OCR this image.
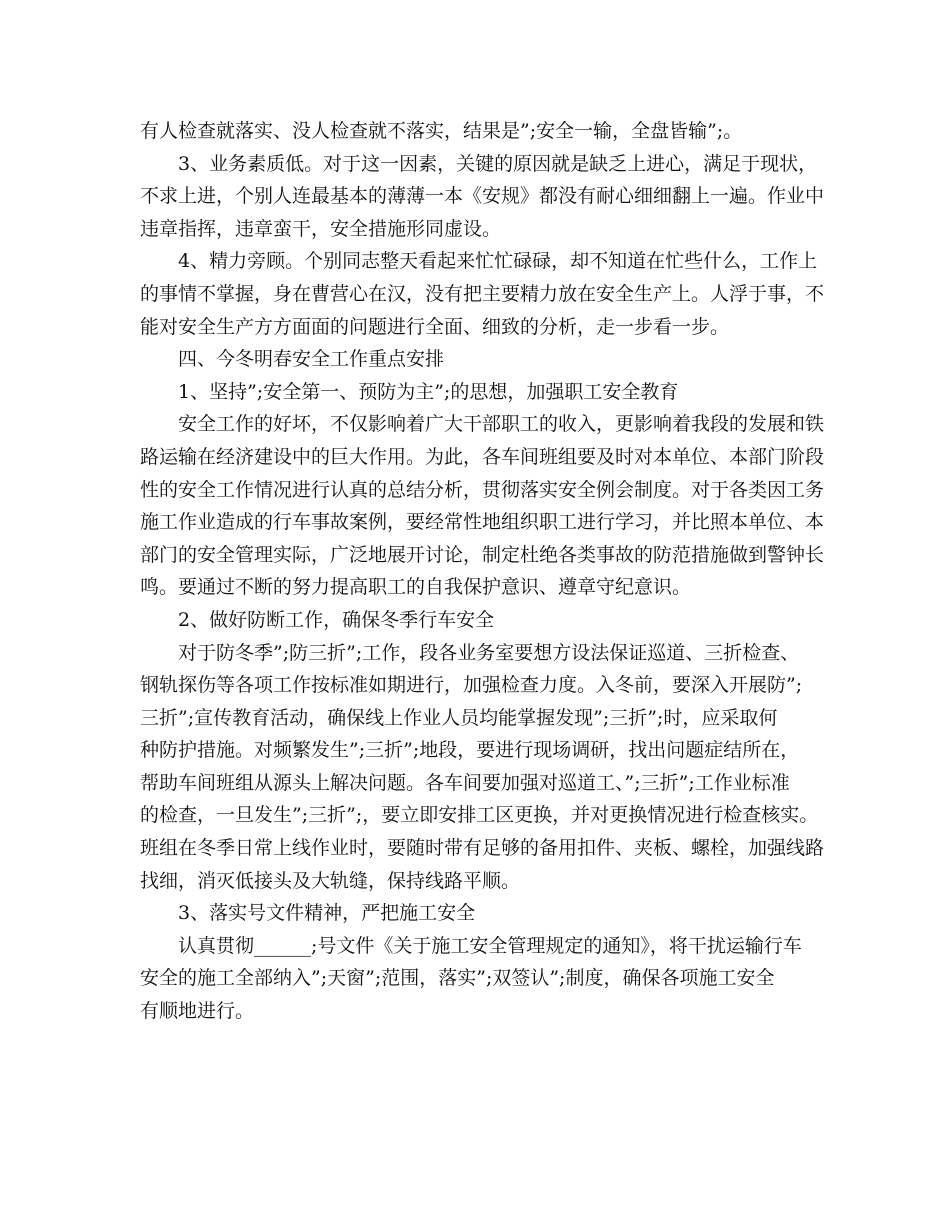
有人检查就落实、没人检查就不落实，结果是”;安全一输，全盘皆输”;。
3、业务素质低。对于这一因素，关键的原因就是缺乏上进心，满足于现状，
不求上进，个别人连最基本的薄薄一本《安规》都没有耐心细细翻上一遍。作业中
违章指挥，违章蛮干，安全措施形同虚设。
4、精力旁顾。个别同志整天看起来忙忙碌碌，却不知道在忙些什么，工作上
的事情不掌握，身在曹营心在汉，没有把主要精力放在安全生产上。人浮于事，不
能对安全生产方方面面的问题进行全面、细致的分析，走一步看一步。
四、今冬明春安全工作重点安排
1、坚持”;安全第一、预防为主”;的思想，加强职工安全教育
安全工作的好坏，不仅影响着广大干部职工的收入，更影响着我段的发展和铁
路运输在经济建设中的巨大作用。为此，各车间班组要及时对本单位、本部门阶段
性的安全工作情况进行认真的总结分析，贯彻落实安全例会制度。对于各类因工务
施工作业造成的行车事故案例，要经常性地组织职工进行学习，并比照本单位、本
部门的安全管理实际，广泛地展开讨论，制定杜绝各类事故的防范措施做到警钟长
鸣。要通过不断的努力提高职工的自我保护意识、遵章守纪意识。
2、做好防断工作，确保冬季行车安全
对于防冬季”;防三折”;工作，段各业务室要想方设法保证巡道、三折检查、
钢轨探伤等各项工作按标准如期进行，加强检查力度。入冬前，要深入开展防”;
三折”;宣传教育活动，确保线上作业人员均能掌握发现”;三折”;时，应采取何
种防护措施。对频繁发生”;三折”;地段，要进行现场调研，找出问题症结所在，
帮助车间班组从源头上解决问题。各车间要加强对巡道工、”;三折”;工作业标准
的检查，一旦发生”;三折”;，要立即安排工区更换，并对更换情况进行检查核实。
班组在冬季日常上线作业时，要随时带有足够的备用扣件、夹板、螺栓，加强线路
找细，消灭低接头及大轨缝，保持线路平顺。
3、落实号文件精神，严把施工安全
认真贯彻______;号文件《关于施工安全管理规定的通知》，将干扰运输行车
安全的施工全部纳入”;天窗”;范围，落实”;双签认”;制度，确保各项施工安全
有顺地进行。
